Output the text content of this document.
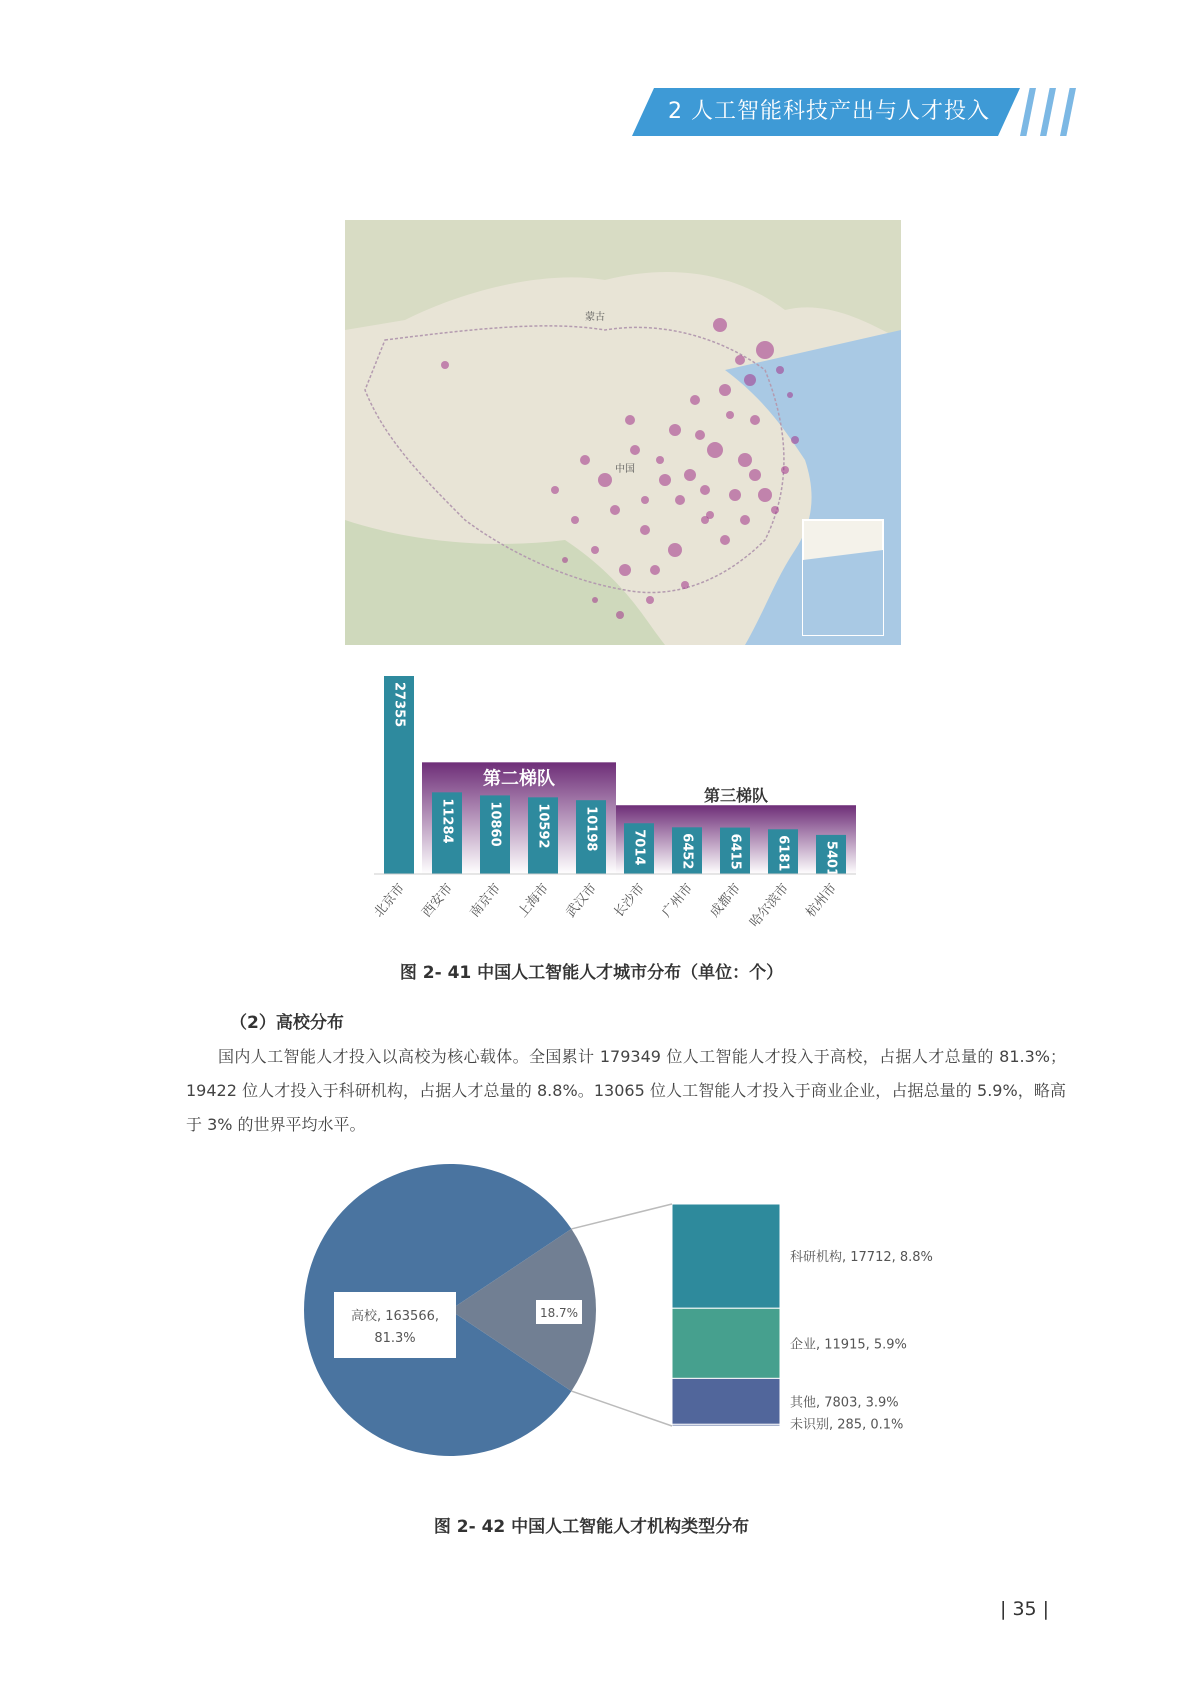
2 人工智能科技产出与人才投入
蒙古
中国
第二梯队
第三梯队
27355
北京市
11284
西安市
10860
南京市
10592
上海市
10198
武汉市
7014
长沙市
6452
广州市
6415
成都市
6181
哈尔滨市
5401
杭州市
图 2- 41 中国人工智能人才城市分布（单位：个）
（2）高校分布
国内人工智能人才投入以高校为核心载体。全国累计 179349 位人工智能人才投入于高校，占据人才总量的 81.3%；19422 位人才投入于科研机构，占据人才总量的 8.8%。13065 位人工智能人才投入于商业企业，占据总量的 5.9%，略高于 3% 的世界平均水平。
高校, 163566,
81.3%
18.7%
科研机构, 17712, 8.8%
企业, 11915, 5.9%
其他, 7803, 3.9%
未识别, 285, 0.1%
图 2- 42 中国人工智能人才机构类型分布
| 35 |
